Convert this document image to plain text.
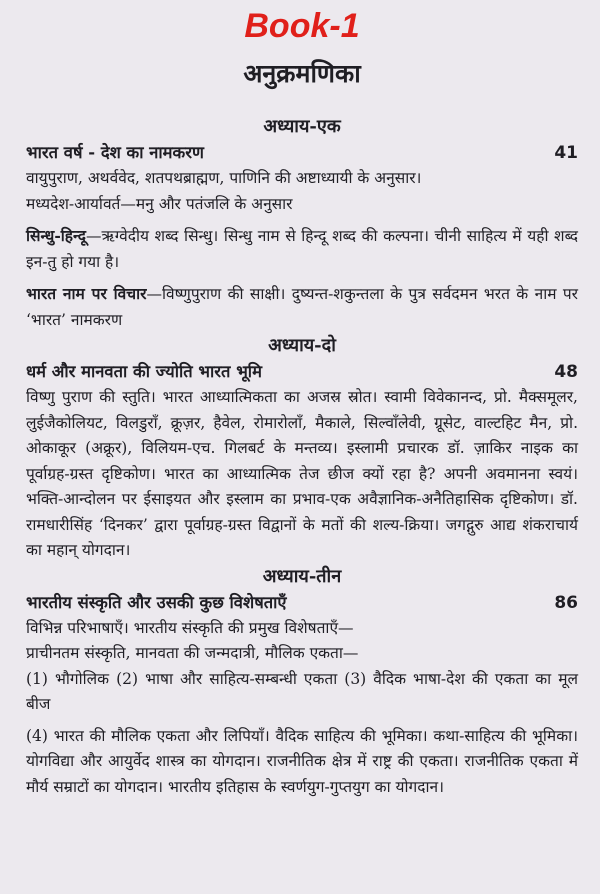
Book-1
अनुक्रमणिका
अध्याय-एक
भारत वर्ष - देश का नामकरण	41

वायुपुराण, अथर्ववेद, शतपथब्राह्मण, पाणिनि की अष्टाध्यायी के अनुसार।

मध्यदेश-आर्यावर्त—मनु और पतंजलि के अनुसार

सिन्धु-हिन्दू—ऋग्वेदीय शब्द सिन्धु। सिन्धु नाम से हिन्दू शब्द की कल्पना। चीनी साहित्य में यही शब्द इन-तु हो गया है।

भारत नाम पर विचार—विष्णुपुराण की साक्षी। दुष्यन्त-शकुन्तला के पुत्र सर्वदमन भरत के नाम पर ‘भारत’ नामकरण

अध्याय-दो
धर्म और मानवता की ज्योति भारत भूमि	48

विष्णु पुराण की स्तुति। भारत आध्यात्मिकता का अजस्र स्रोत। स्वामी विवेकानन्द, प्रो. मैक्समूलर, लुईजैकोलियट, विलडुराँ, क्रूज़र, हैवेल, रोमारोलाँ, मैकाले, सिल्वाँलेवी, ग्रूसेट, वाल्टहिट मैन, प्रो. ओकाकूर (अक्रूर), विलियम-एच. गिलबर्ट के मन्तव्य। इस्लामी प्रचारक डॉ. ज़ाकिर नाइक का पूर्वाग्रह-ग्रस्त दृष्टिकोण। भारत का आध्यात्मिक तेज छीज क्यों रहा है? अपनी अवमानना स्वयं। भक्ति-आन्दोलन पर ईसाइयत और इस्लाम का प्रभाव-एक अवैज्ञानिक-अनैतिहासिक दृष्टिकोण। डॉ. रामधारीसिंह ‘दिनकर’ द्वारा पूर्वाग्रह-ग्रस्त विद्वानों के मतों की शल्य-क्रिया। जगद्गुरु आद्य शंकराचार्य का महान् योगदान।

अध्याय-तीन
भारतीय संस्कृति और उसकी कुछ विशेषताएँ	86

विभिन्न परिभाषाएँ। भारतीय संस्कृति की प्रमुख विशेषताएँ—

प्राचीनतम संस्कृति, मानवता की जन्मदात्री, मौलिक एकता—

(1) भौगोलिक (2) भाषा और साहित्य-सम्बन्धी एकता (3) वैदिक भाषा-देश की एकता का मूल बीज

(4) भारत की मौलिक एकता और लिपियाँ। वैदिक साहित्य की भूमिका। कथा-साहित्य की भूमिका। योगविद्या और आयुर्वेद शास्त्र का योगदान। राजनीतिक क्षेत्र में राष्ट्र की एकता। राजनीतिक एकता में मौर्य सम्राटों का योगदान। भारतीय इतिहास के स्वर्णयुग-गुप्तयुग का योगदान।
